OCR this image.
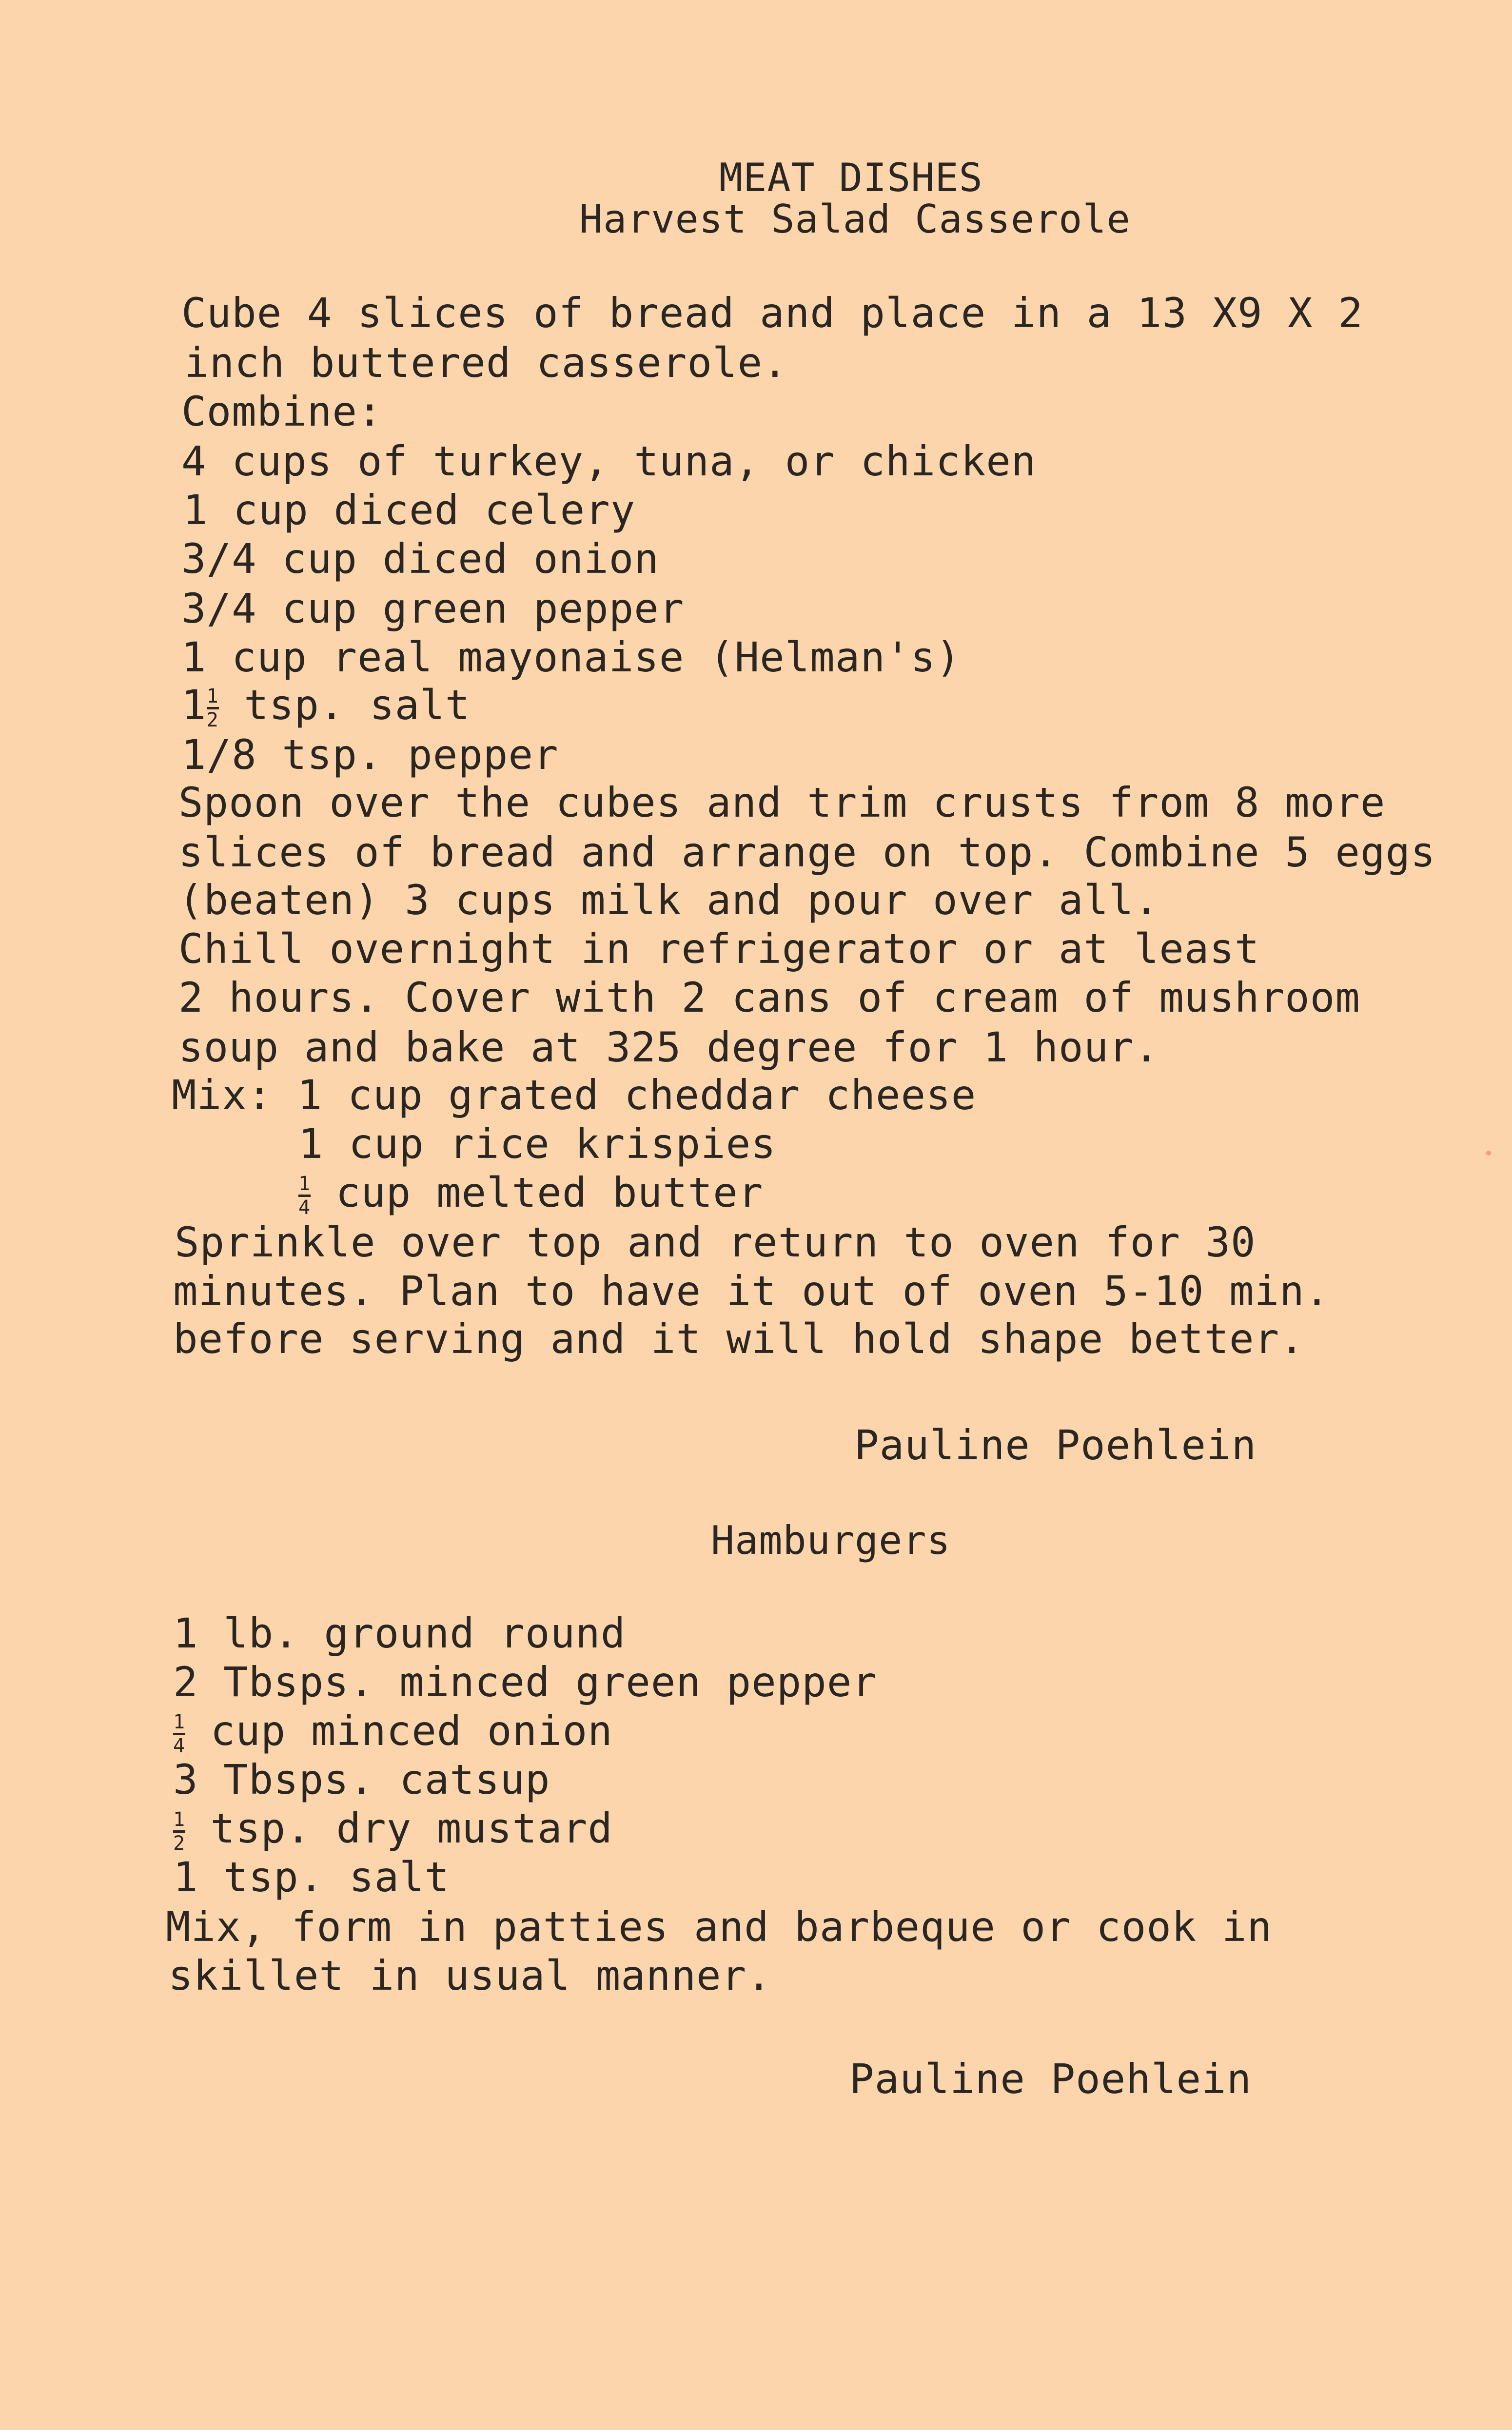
MEAT DISHES
Harvest Salad Casserole
Cube 4 slices of bread and place in a 13 X9 X 2
inch buttered casserole.
Combine:
4 cups of turkey, tuna, or chicken
1 cup diced celery
3/4 cup diced onion
3/4 cup green pepper
1 cup real mayonaise (Helman's)
1 1
2 tsp. salt
1/8 tsp. pepper
Spoon over the cubes and trim crusts from 8 more
slices of bread and arrange on top. Combine 5 eggs
(beaten) 3 cups milk and pour over all.
Chill overnight in refrigerator or at least
2 hours. Cover with 2 cans of cream of mushroom
soup and bake at 325 degree for 1 hour.
Mix: 1 cup grated cheddar cheese
1 cup rice krispies
1
4 cup melted butter
Sprinkle over top and return to oven for 30
minutes. Plan to have it out of oven 5-10 min.
before serving and it will hold shape better.
Pauline Poehlein
Hamburgers
1 lb. ground round
2 Tbsps. minced green pepper
1
4 cup minced onion
3 Tbsps. catsup
1
2 tsp. dry mustard
1 tsp. salt
Mix, form in patties and barbeque or cook in
skillet in usual manner.
Pauline Poehlein
